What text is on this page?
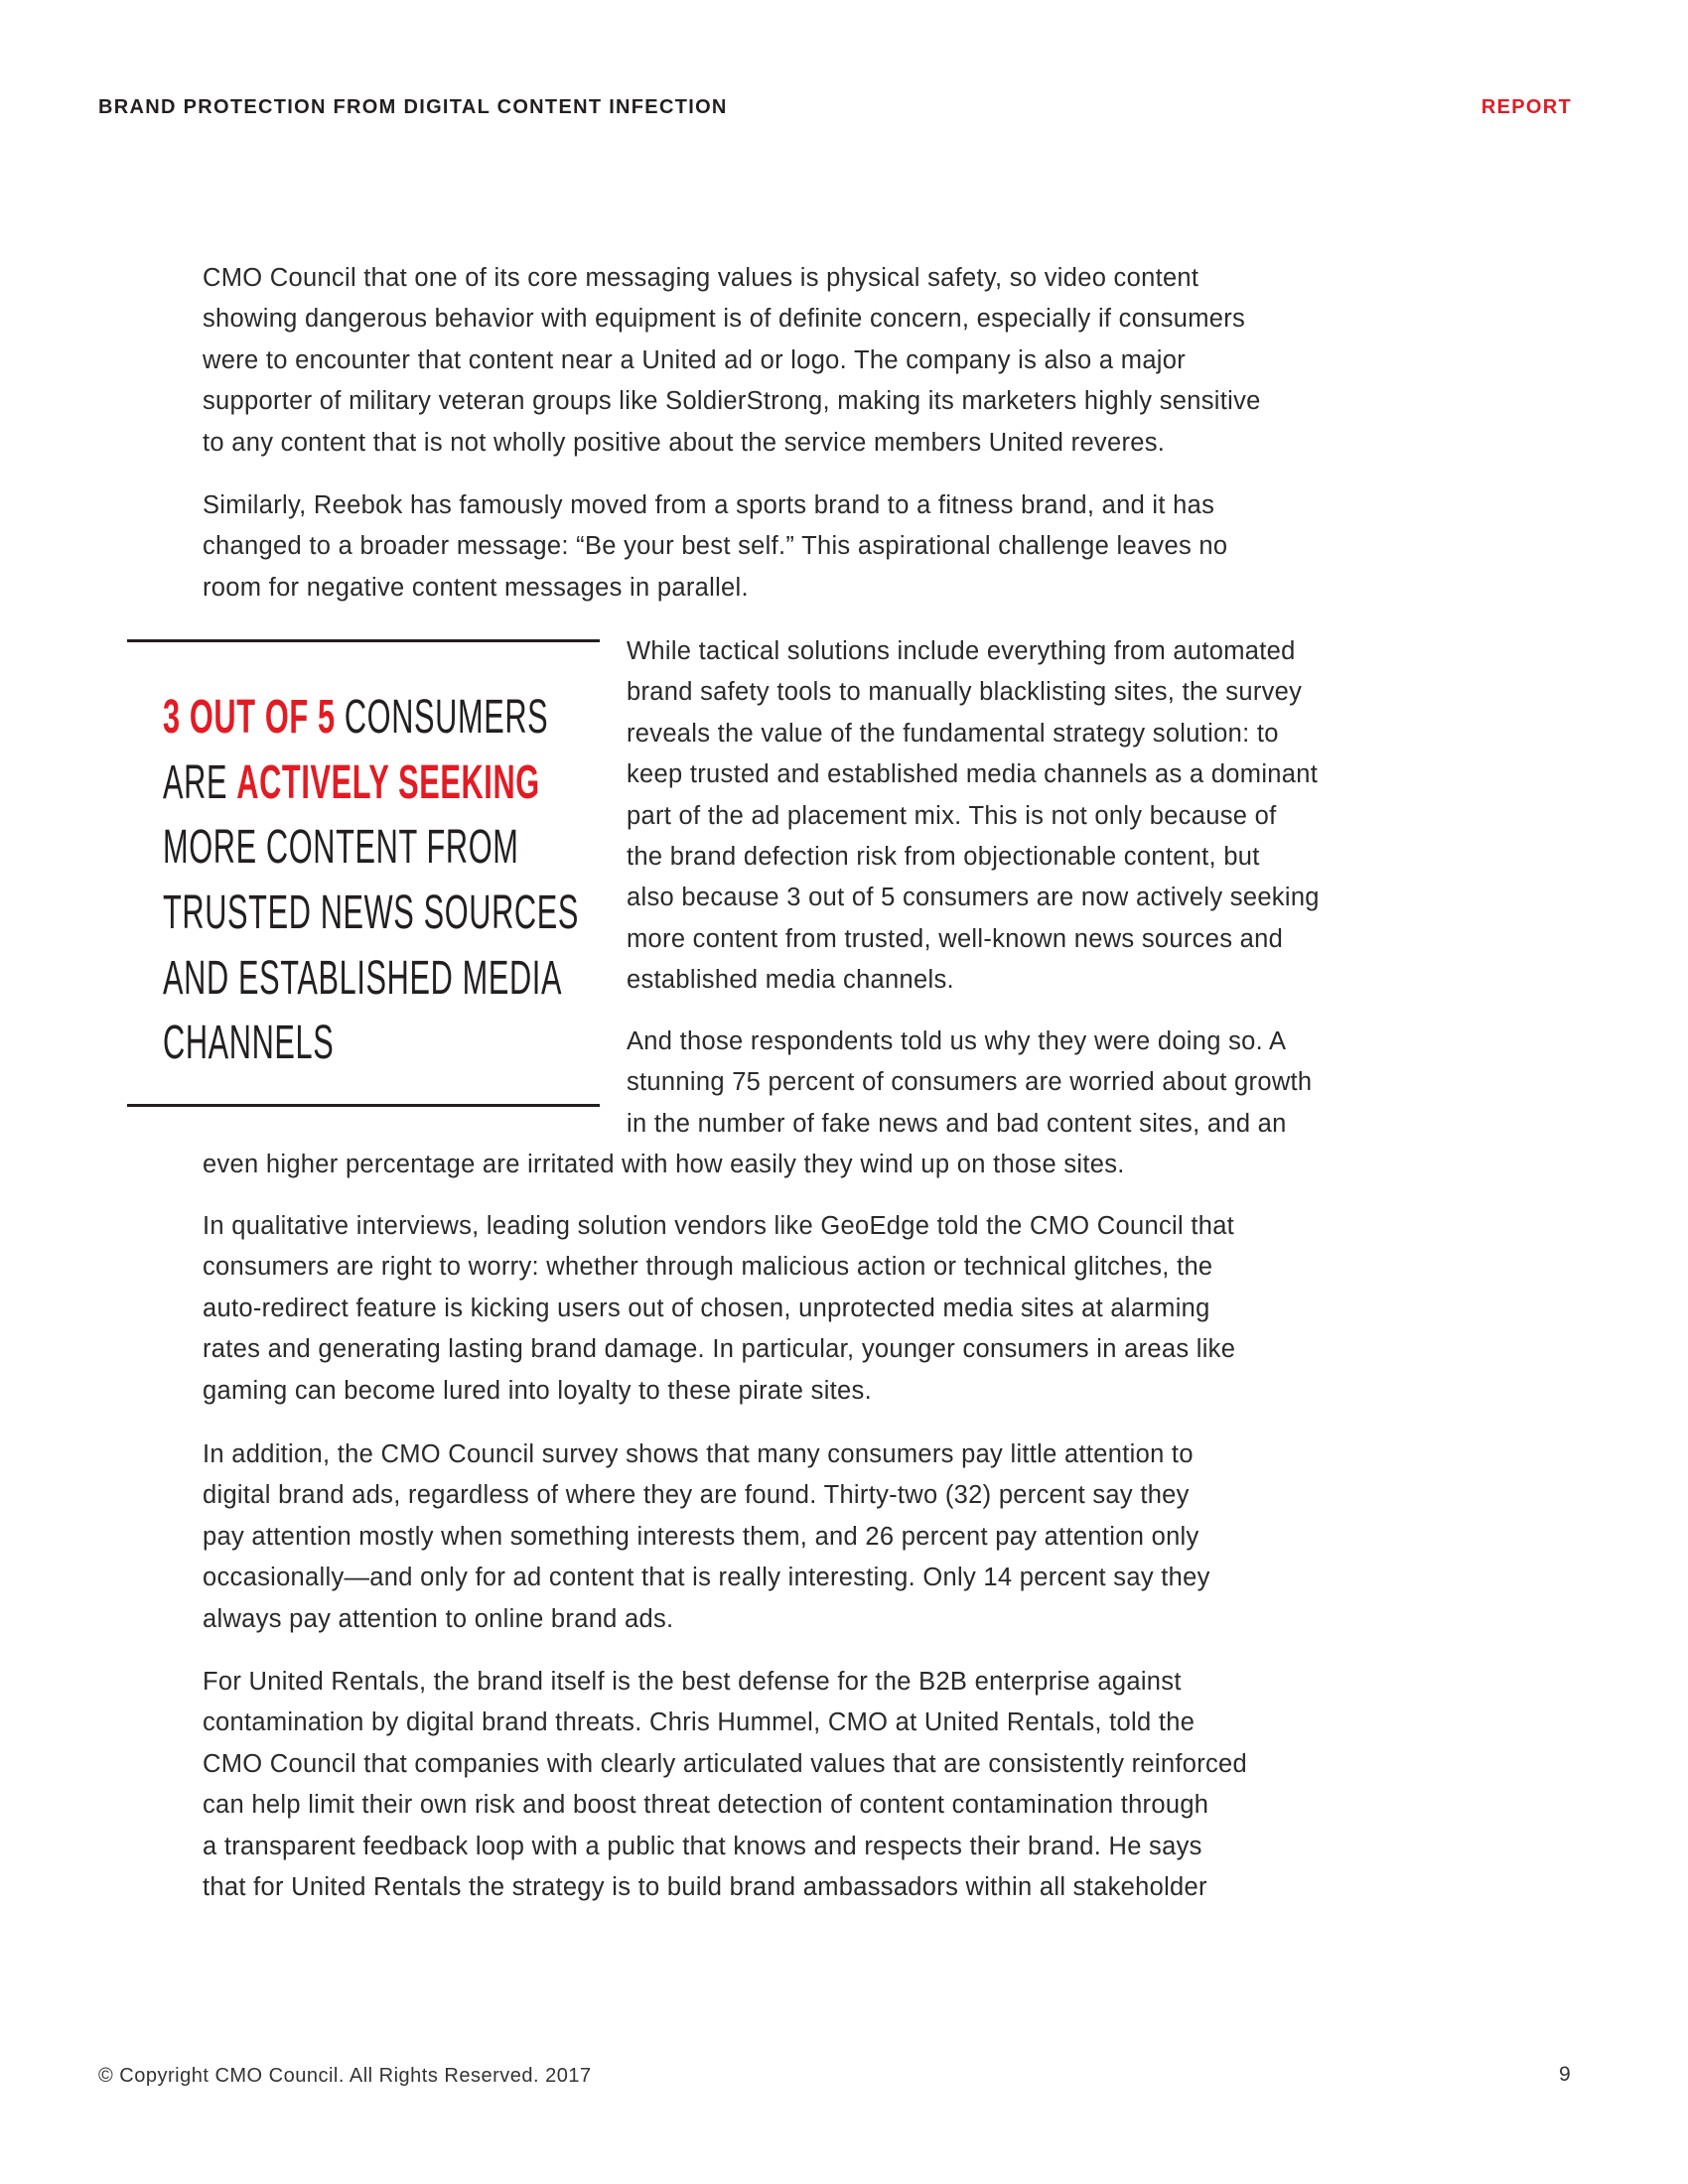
BRAND PROTECTION FROM DIGITAL CONTENT INFECTION	REPORT
CMO Council that one of its core messaging values is physical safety, so video content
showing dangerous behavior with equipment is of definite concern, especially if consumers
were to encounter that content near a United ad or logo. The company is also a major
supporter of military veteran groups like SoldierStrong, making its marketers highly sensitive
to any content that is not wholly positive about the service members United reveres.
Similarly, Reebok has famously moved from a sports brand to a fitness brand, and it has
changed to a broader message: “Be your best self.” This aspirational challenge leaves no
room for negative content messages in parallel.
3 OUT OF 5 CONSUMERS
ARE ACTIVELY SEEKING
MORE CONTENT FROM
TRUSTED NEWS SOURCES
AND ESTABLISHED MEDIA
CHANNELS
While tactical solutions include everything from automated
brand safety tools to manually blacklisting sites, the survey
reveals the value of the fundamental strategy solution: to
keep trusted and established media channels as a dominant
part of the ad placement mix. This is not only because of
the brand defection risk from objectionable content, but
also because 3 out of 5 consumers are now actively seeking
more content from trusted, well-known news sources and
established media channels.
And those respondents told us why they were doing so. A
stunning 75 percent of consumers are worried about growth
in the number of fake news and bad content sites, and an
even higher percentage are irritated with how easily they wind up on those sites.
In qualitative interviews, leading solution vendors like GeoEdge told the CMO Council that
consumers are right to worry: whether through malicious action or technical glitches, the
auto-redirect feature is kicking users out of chosen, unprotected media sites at alarming
rates and generating lasting brand damage. In particular, younger consumers in areas like
gaming can become lured into loyalty to these pirate sites.
In addition, the CMO Council survey shows that many consumers pay little attention to
digital brand ads, regardless of where they are found. Thirty-two (32) percent say they
pay attention mostly when something interests them, and 26 percent pay attention only
occasionally—and only for ad content that is really interesting. Only 14 percent say they
always pay attention to online brand ads.
For United Rentals, the brand itself is the best defense for the B2B enterprise against
contamination by digital brand threats. Chris Hummel, CMO at United Rentals, told the
CMO Council that companies with clearly articulated values that are consistently reinforced
can help limit their own risk and boost threat detection of content contamination through
a transparent feedback loop with a public that knows and respects their brand. He says
that for United Rentals the strategy is to build brand ambassadors within all stakeholder
© Copyright CMO Council. All Rights Reserved. 2017	9
